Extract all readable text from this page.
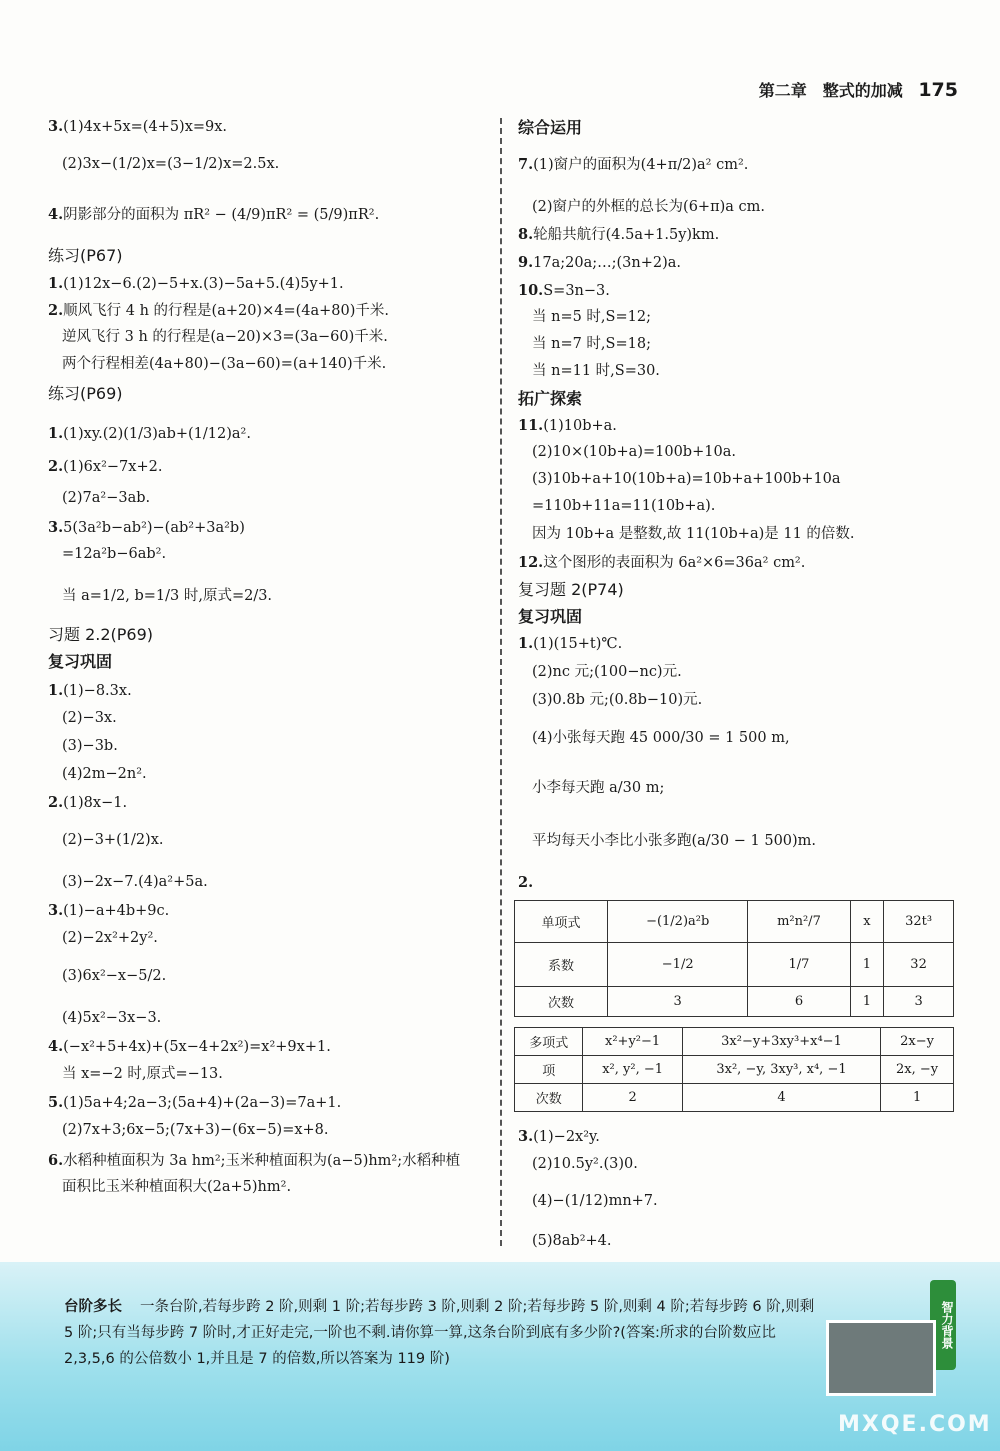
第二章　整式的加减 175
3.(1)4x+5x=(4+5)x=9x.
(2)3x−(1/2)x=(3−1/2)x=2.5x.
4.阴影部分的面积为 πR² − (4/9)πR² = (5/9)πR².
练习(P67)
1.(1)12x−6.(2)−5+x.(3)−5a+5.(4)5y+1.
2.顺风飞行 4 h 的行程是(a+20)×4=(4a+80)千米.
逆风飞行 3 h 的行程是(a−20)×3=(3a−60)千米.
两个行程相差(4a+80)−(3a−60)=(a+140)千米.
练习(P69)
1.(1)xy.(2)(1/3)ab+(1/12)a².
2.(1)6x²−7x+2.
(2)7a²−3ab.
3.5(3a²b−ab²)−(ab²+3a²b)
=12a²b−6ab².
当 a=1/2, b=1/3 时,原式=2/3.
习题 2.2(P69)
复习巩固
1.(1)−8.3x.
(2)−3x.
(3)−3b.
(4)2m−2n².
2.(1)8x−1.
(2)−3+(1/2)x.
(3)−2x−7.(4)a²+5a.
3.(1)−a+4b+9c.
(2)−2x²+2y².
(3)6x²−x−5/2.
(4)5x²−3x−3.
4.(−x²+5+4x)+(5x−4+2x²)=x²+9x+1.
当 x=−2 时,原式=−13.
5.(1)5a+4;2a−3;(5a+4)+(2a−3)=7a+1.
(2)7x+3;6x−5;(7x+3)−(6x−5)=x+8.
6.水稻种植面积为 3a hm²;玉米种植面积为(a−5)hm²;水稻种植
面积比玉米种植面积大(2a+5)hm².
综合运用
7.(1)窗户的面积为(4+π/2)a² cm².
(2)窗户的外框的总长为(6+π)a cm.
8.轮船共航行(4.5a+1.5y)km.
9.17a;20a;…;(3n+2)a.
10.S=3n−3.
当 n=5 时,S=12;
当 n=7 时,S=18;
当 n=11 时,S=30.
拓广探索
11.(1)10b+a.
(2)10×(10b+a)=100b+10a.
(3)10b+a+10(10b+a)=10b+a+100b+10a
=110b+11a=11(10b+a).
因为 10b+a 是整数,故 11(10b+a)是 11 的倍数.
12.这个图形的表面积为 6a²×6=36a² cm².
复习题 2(P74)
复习巩固
1.(1)(15+t)℃.
(2)nc 元;(100−nc)元.
(3)0.8b 元;(0.8b−10)元.
(4)小张每天跑 45 000/30 = 1 500 m,
小李每天跑 a/30 m;
平均每天小李比小张多跑(a/30 − 1 500)m.
2.
3.(1)−2x²y.
(2)10.5y².(3)0.
(4)−(1/12)mn+7.
(5)8ab²+4.
单项式	−(1/2)a²b	m²n²/7	x	32t³
系数	−1/2	1/7	1	32
次数	3	6	1	3
多项式	x²+y²−1	3x²−y+3xy³+x⁴−1	2x−y
项	x², y², −1	3x², −y, 3xy³, x⁴, −1	2x, −y
次数	2	4	1
台阶多长 一条台阶,若每步跨 2 阶,则剩 1 阶;若每步跨 3 阶,则剩 2 阶;若每步跨 5 阶,则剩 4 阶;若每步跨 6 阶,则剩 5 阶;只有当每步跨 7 阶时,才正好走完,一阶也不剩.请你算一算,这条台阶到底有多少阶?(答案:所求的台阶数应比 2,3,5,6 的公倍数小 1,并且是 7 的倍数,所以答案为 119 阶)
智力背景
MXQE.COM
